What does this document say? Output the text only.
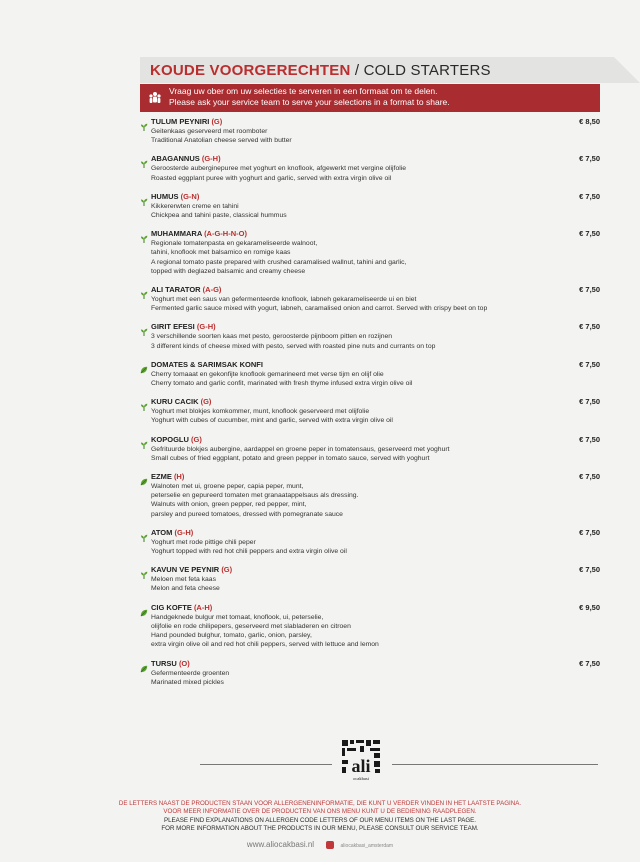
KOUDE VOORGERECHTEN / COLD STARTERS
Vraag uw ober om uw selecties te serveren in een formaat om te delen.
Please ask your service team to serve your selections in a format to share.
TULUM PEYNIRI (G)	€ 8,50
Geitenkaas geserveerd met roomboter
Traditional Anatolian cheese served with butter
ABAGANNUS (G-H)	€ 7,50
Geroosterde auberginepuree met yoghurt en knoflook, afgewerkt met vergine olijfolie
Roasted eggplant puree with yoghurt and garlic, served with extra virgin olive oil
HUMUS (G-N)	€ 7,50
Kikkererwten creme en tahini
Chickpea and tahini paste, classical hummus
MUHAMMARA (A-G-H-N-O)	€ 7,50
Regionale tomatenpasta en gekarameliseerde walnoot,
tahini, knoflook met balsamico en romige kaas
A regional tomato paste prepared with crushed caramalised wallnut, tahini and garlic,
topped with deglazed balsamic and creamy cheese
ALI TARATOR (A-G)	€ 7,50
Yoghurt met een saus van gefermenteerde knoflook, labneh gekarameliseerde ui en biet
Fermented garlic sauce mixed with yogurt, labneh, caramalised onion and carrot. Served with crispy beet on top
GIRIT EFESI (G-H)	€ 7,50
3 verschillende soorten kaas met pesto, geroosterde pijnboom pitten en rozijnen
3 different kinds of cheese mixed with pesto, served with roasted pine nuts and currants on top
DOMATES & SARIMSAK KONFI	€ 7,50
Cherry tomaaat en gekonfijte knoflook gemarineerd met verse tijm en olijf olie
Cherry tomato and garlic confit, marinated with fresh thyme infused extra virgin olive oil
KURU CACIK (G)	€ 7,50
Yoghurt met blokjes komkommer, munt, knoflook geserveerd met olijfolie
Yoghurt with cubes of cucumber, mint and garlic, served with extra virgin olive oil
KOPOGLU (G)	€ 7,50
Gefrituurde blokjes aubergine, aardappel en groene peper in tomatensaus, geserveerd met yoghurt
Small cubes of fried eggplant, potato and green pepper in tomato sauce, served with yoghurt
EZME (H)	€ 7,50
Walnoten met ui, groene peper, capia peper, munt,
peterselie en gepureerd tomaten met granaatappelsaus als dressing.
Walnuts with onion, green pepper, red pepper, mint,
parsley and pureed tomatoes, dressed with pomegranate sauce
ATOM (G-H)	€ 7,50
Yoghurt met rode pittige chili peper
Yoghurt topped with red hot chili peppers and extra virgin olive oil
KAVUN VE PEYNIR (G)	€ 7,50
Meloen met feta kaas
Melon and feta cheese
CIG KOFTE (A-H)	€ 9,50
Handgeknede bulgur met tomaat, knoflook, ui, peterselie,
olijfolie en rode chilipepers, geserveerd met slabladeren en citroen
Hand pounded bulghur, tomato, garlic, onion, parsley,
extra virgin olive oil and red hot chili peppers, served with lettuce and lemon
TURSU (O)	€ 7,50
Gefermenteerde groenten
Marinated mixed pickles
ali
ocakbasi
DE LETTERS NAAST DE PRODUCTEN STAAN VOOR ALLERGENENINFORMATIE, DIE KUNT U VERDER VINDEN IN HET LAATSTE PAGINA.
VOOR MEER INFORMATIE OVER DE PRODUCTEN VAN ONS MENU KUNT U DE BEDIENING RAADPLEGEN.
PLEASE FIND EXPLANATIONS ON ALLERGEN CODE LETTERS OF OUR MENU ITEMS ON THE LAST PAGE.
FOR MORE INFORMATION ABOUT THE PRODUCTS IN OUR MENU, PLEASE CONSULT OUR SERVICE TEAM.
www.aliocakbasi.nl	aliocakbasi_amsterdam
